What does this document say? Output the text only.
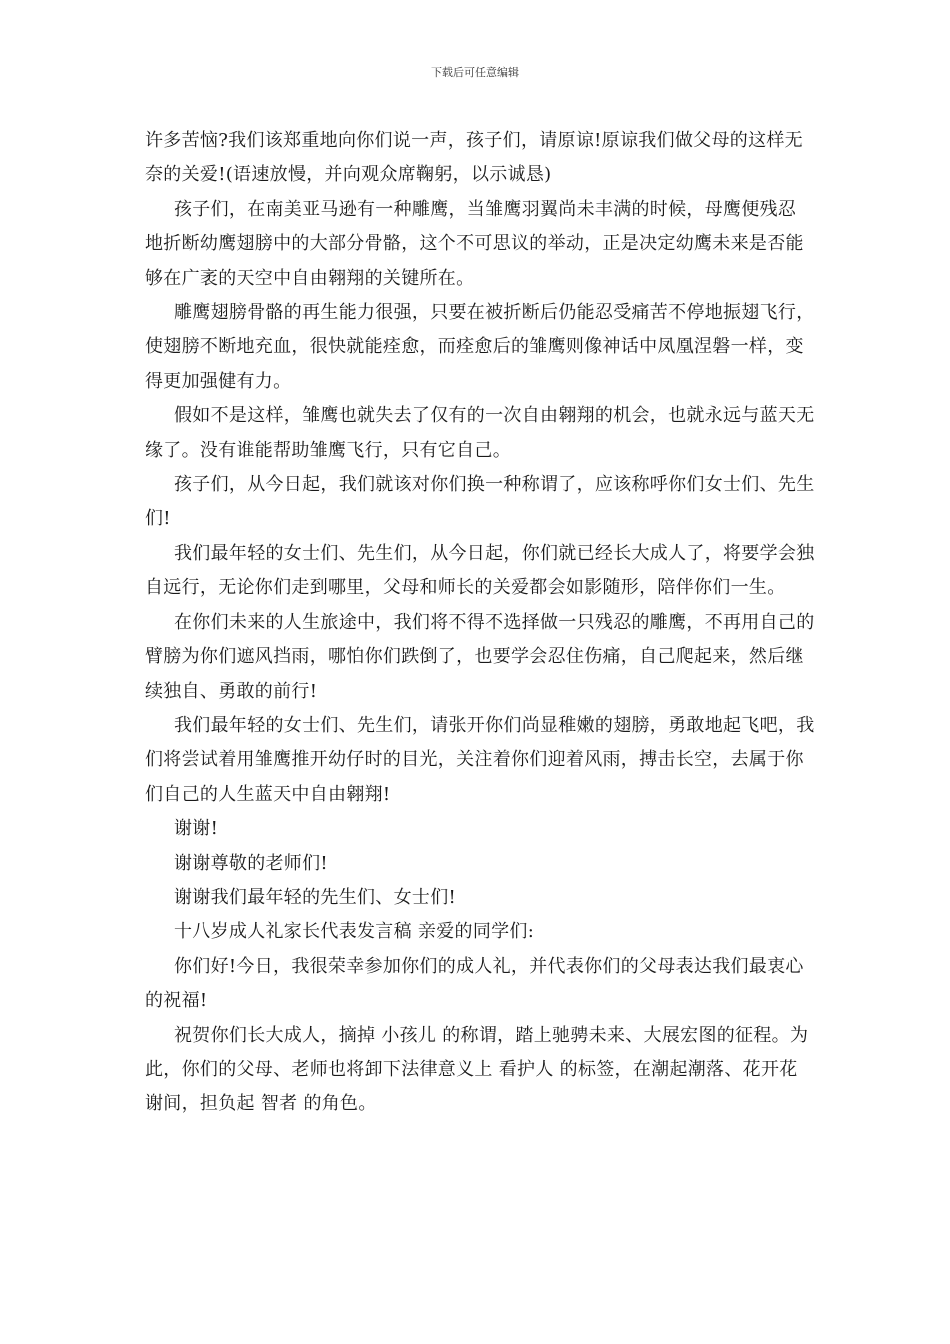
下载后可任意编辑

许多苦恼?我们该郑重地向你们说一声，孩子们，请原谅!原谅我们做父母的这样无奈的关爱!(语速放慢，并向观众席鞠躬，以示诚恳)

孩子们，在南美亚马逊有一种雕鹰，当雏鹰羽翼尚未丰满的时候，母鹰便残忍 地折断幼鹰翅膀中的大部分骨骼，这个不可思议的举动，正是决定幼鹰未来是否能够在广袤的天空中自由翱翔的关键所在。

雕鹰翅膀骨骼的再生能力很强，只要在被折断后仍能忍受痛苦不停地振翅飞行，使翅膀不断地充血，很快就能痊愈，而痊愈后的雏鹰则像神话中凤凰涅磐一样，变得更加强健有力。

假如不是这样，雏鹰也就失去了仅有的一次自由翱翔的机会，也就永远与蓝天无缘了。没有谁能帮助雏鹰飞行，只有它自己。

孩子们，从今日起，我们就该对你们换一种称谓了，应该称呼你们女士们、先生们!

我们最年轻的女士们、先生们，从今日起，你们就已经长大成人了，将要学会独自远行，无论你们走到哪里，父母和师长的关爱都会如影随形，陪伴你们一生。

在你们未来的人生旅途中，我们将不得不选择做一只残忍的雕鹰，不再用自己的臂膀为你们遮风挡雨，哪怕你们跌倒了，也要学会忍住伤痛，自己爬起来，然后继续独自、勇敢的前行!

我们最年轻的女士们、先生们，请张开你们尚显稚嫩的翅膀，勇敢地起飞吧，我们将尝试着用雏鹰推开幼仔时的目光，关注着你们迎着风雨，搏击长空，去属于你们自己的人生蓝天中自由翱翔!

谢谢!

谢谢尊敬的老师们!

谢谢我们最年轻的先生们、女士们!

十八岁成人礼家长代表发言稿 亲爱的同学们:

你们好!今日，我很荣幸参加你们的成人礼，并代表你们的父母表达我们最衷心的祝福!

祝贺你们长大成人，摘掉 小孩儿 的称谓，踏上驰骋未来、大展宏图的征程。为此，你们的父母、老师也将卸下法律意义上 看护人 的标签，在潮起潮落、花开花谢间，担负起 智者 的角色。
